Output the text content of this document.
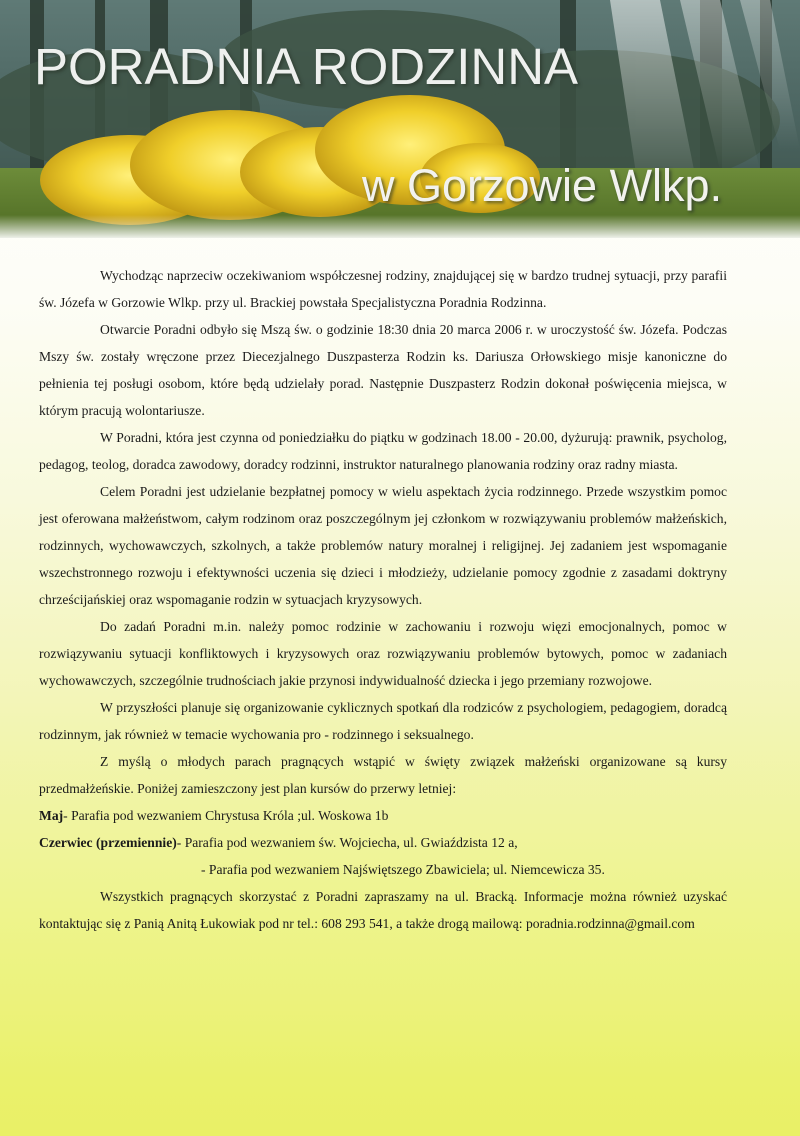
PORADNIA RODZINNA
w Gorzowie Wlkp.

Wychodząc naprzeciw oczekiwaniom współczesnej rodziny, znajdującej się w bardzo trudnej sytuacji, przy parafii św. Józefa w Gorzowie Wlkp. przy ul. Brackiej powstała Specjalistyczna Poradnia Rodzinna.

Otwarcie Poradni odbyło się Mszą św. o godzinie 18:30 dnia 20 marca 2006 r. w uroczystość św. Józefa. Podczas Mszy św. zostały wręczone przez Diecezjalnego Duszpasterza Rodzin ks. Dariusza Orłowskiego misje kanoniczne do pełnienia tej posługi osobom, które będą udzielały porad. Następnie Duszpasterz Rodzin dokonał poświęcenia miejsca, w którym pracują wolontariusze.

W Poradni, która jest czynna od poniedziałku do piątku w godzinach 18.00 - 20.00, dyżurują: prawnik, psycholog, pedagog, teolog, doradca zawodowy, doradcy rodzinni, instruktor naturalnego planowania rodziny oraz radny miasta.

Celem Poradni jest udzielanie bezpłatnej pomocy w wielu aspektach życia rodzinnego. Przede wszystkim pomoc jest oferowana małżeństwom, całym rodzinom oraz poszczególnym jej członkom w rozwiązywaniu problemów małżeńskich, rodzinnych, wychowawczych, szkolnych, a także problemów natury moralnej i religijnej. Jej zadaniem jest wspomaganie wszechstronnego rozwoju i efektywności uczenia się dzieci i młodzieży, udzielanie pomocy zgodnie z zasadami doktryny chrześcijańskiej oraz wspomaganie rodzin w sytuacjach kryzysowych.

Do zadań Poradni m.in. należy pomoc rodzinie w zachowaniu i rozwoju więzi emocjonalnych, pomoc w rozwiązywaniu sytuacji konfliktowych i kryzysowych oraz rozwiązywaniu problemów bytowych, pomoc w zadaniach wychowawczych, szczególnie trudnościach jakie przynosi indywidualność dziecka i jego przemiany rozwojowe.

W przyszłości planuje się organizowanie cyklicznych spotkań dla rodziców z psychologiem, pedagogiem, doradcą rodzinnym, jak również w temacie wychowania pro - rodzinnego i seksualnego.

Z myślą o młodych parach pragnących wstąpić w święty związek małżeński organizowane są kursy przedmałżeńskie. Poniżej zamieszczony jest plan kursów do przerwy letniej:

Maj- Parafia pod wezwaniem Chrystusa Króla ;ul. Woskowa 1b

Czerwiec (przemiennie)- Parafia pod wezwaniem św. Wojciecha, ul. Gwiaździsta 12 a,

- Parafia pod wezwaniem Najświętszego Zbawiciela; ul. Niemcewicza 35.

Wszystkich pragnących skorzystać z Poradni zapraszamy na ul. Bracką. Informacje można również uzyskać kontaktując się z Panią Anitą Łukowiak pod nr tel.: 608 293 541, a także drogą mailową: poradnia.rodzinna@gmail.com
